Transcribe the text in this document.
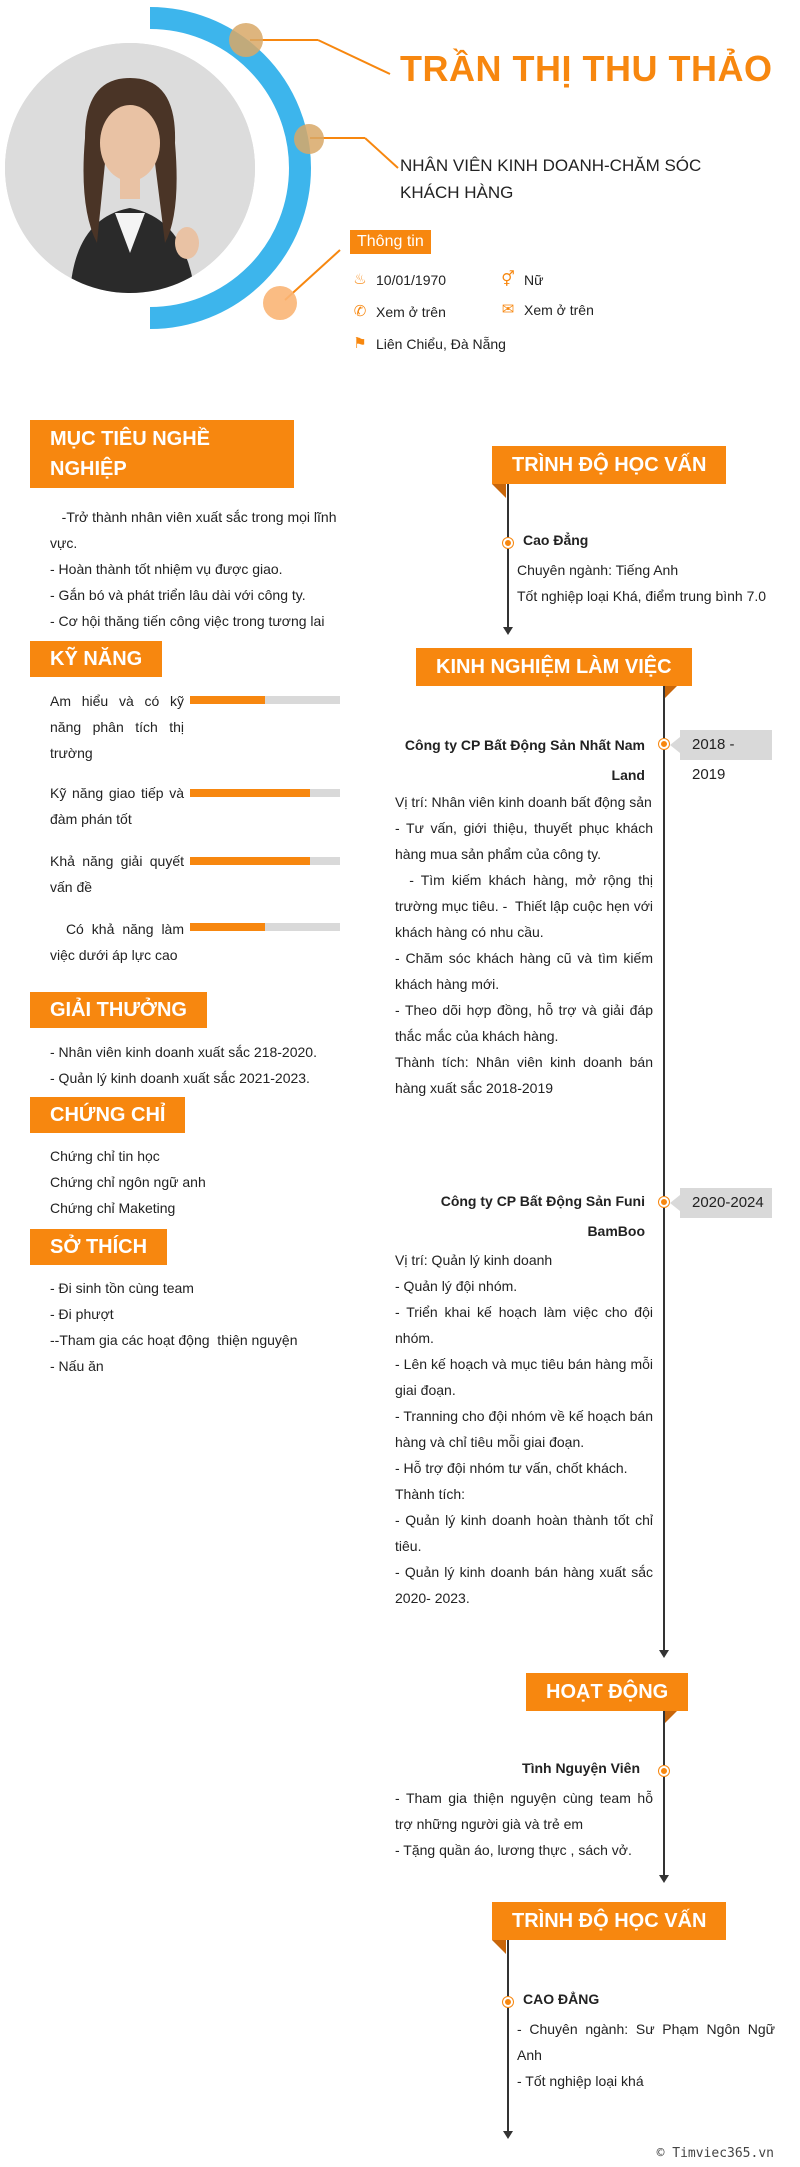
TRẦN THỊ THU THẢO
NHÂN VIÊN KINH DOANH-CHĂM SÓC KHÁCH HÀNG
Thông tin
♨ 10/01/1970	⚥ Nữ
✆ Xem ở trên	✉ Xem ở trên
⚑ Liên Chiểu, Đà Nẵng
MỤC TIÊU NGHỀ NGHIỆP
-Trở thành nhân viên xuất sắc trong mọi lĩnh vực.
- Hoàn thành tốt nhiệm vụ được giao.
- Gắn bó và phát triển lâu dài với công ty.
- Cơ hội thăng tiến công việc trong tương lai
KỸ NĂNG
Am hiểu và có kỹ năng phân tích thị trường
Kỹ năng giao tiếp và đàm phán tốt
Khả năng giải quyết vấn đề
Có khả năng làm việc dưới áp lực cao
GIẢI THƯỞNG
- Nhân viên kinh doanh xuất sắc 218-2020.
- Quản lý kinh doanh xuất sắc 2021-2023.
CHỨNG CHỈ
Chứng chỉ tin học
Chứng chỉ ngôn ngữ anh
Chứng chỉ Maketing
SỞ THÍCH
- Đi sinh tồn cùng team
- Đi phượt
--Tham gia các hoạt động  thiện nguyện
- Nấu ăn
TRÌNH ĐỘ HỌC VẤN
Cao Đẳng
Chuyên ngành: Tiếng Anh
Tốt nghiệp loại Khá, điểm trung bình 7.0
KINH NGHIỆM LÀM VIỆC
2018 - 2019
Công ty CP Bất Động Sản Nhất Nam Land
Vị trí: Nhân viên kinh doanh bất động sản
- Tư vấn, giới thiệu, thuyết phục khách hàng mua sản phẩm của công ty.
- Tìm kiếm khách hàng, mở rộng thị trường mục tiêu. -  Thiết lập cuộc hẹn với khách hàng có nhu cầu.
- Chăm sóc khách hàng cũ và tìm kiếm khách hàng mới.
- Theo dõi hợp đồng, hỗ trợ và giải đáp thắc mắc của khách hàng.
Thành tích: Nhân viên kinh doanh bán hàng xuất sắc 2018-2019
2020-2024
Công ty CP Bất Động Sản Funi BamBoo
Vị trí: Quản lý kinh doanh
- Quản lý đội nhóm.
- Triển khai kế hoạch làm việc cho đội nhóm.
- Lên kế hoạch và mục tiêu bán hàng mỗi giai đoạn.
- Tranning cho đội nhóm về kế hoạch bán hàng và chỉ tiêu mỗi giai đoạn.
- Hỗ trợ đội nhóm tư vấn, chốt khách.
Thành tích:
- Quản lý kinh doanh hoàn thành tốt chỉ tiêu.
- Quản lý kinh doanh bán hàng xuất sắc 2020- 2023.
HOẠT ĐỘNG
Tình Nguyện Viên
- Tham gia thiện nguyện cùng team hỗ trợ những người già và trẻ em
- Tặng quần áo, lương thực , sách vở.
TRÌNH ĐỘ HỌC VẤN
CAO ĐẲNG
- Chuyên ngành: Sư Phạm Ngôn Ngữ Anh
- Tốt nghiệp loại khá
© Timviec365.vn
